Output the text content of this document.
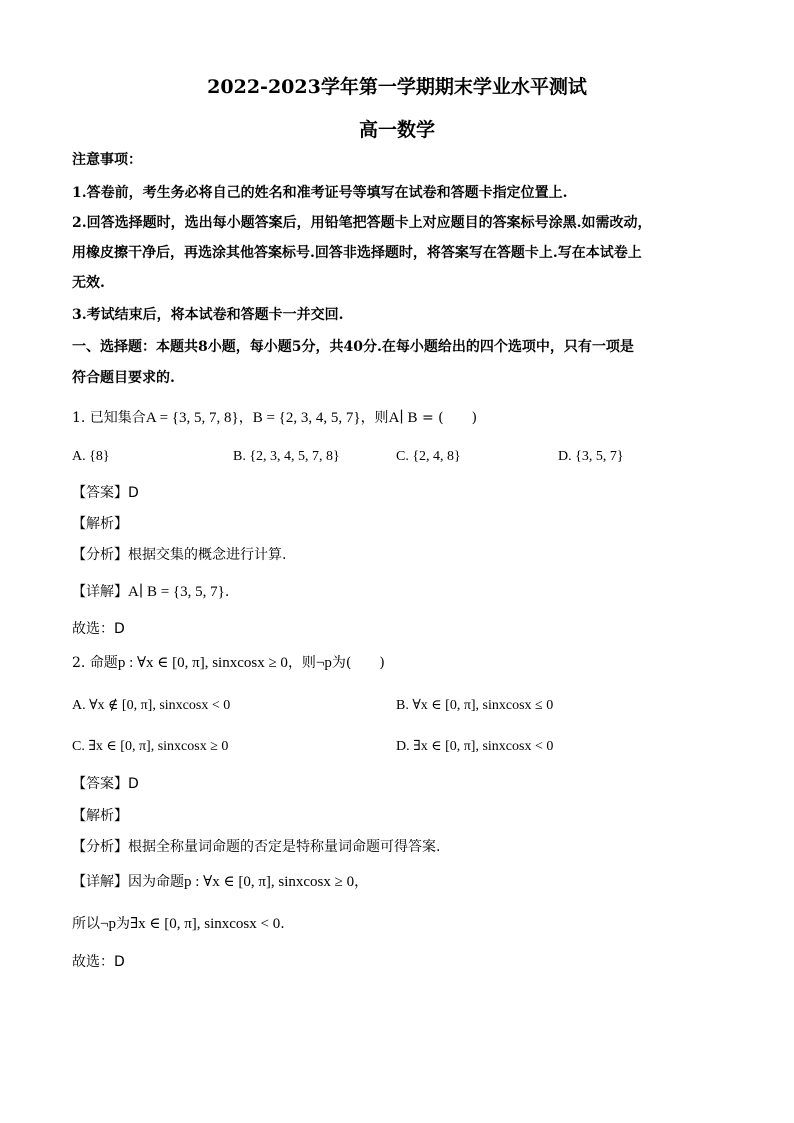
2022-2023学年第一学期期末学业水平测试
高一数学
注意事项：
1.答卷前，考生务必将自己的姓名和准考证号等填写在试卷和答题卡指定位置上.
2.回答选择题时，选出每小题答案后，用铅笔把答题卡上对应题目的答案标号涂黑.如需改动，
用橡皮擦干净后，再选涂其他答案标号.回答非选择题时，将答案写在答题卡上.写在本试卷上
无效.
3.考试结束后，将本试卷和答题卡一并交回.
一、选择题：本题共8小题，每小题5分，共40分.在每小题给出的四个选项中，只有一项是
符合题目要求的.
1. 已知集合A = {3, 5, 7, 8}，B = {2, 3, 4, 5, 7}，则A∣ B = (　　)
A. {8}	B. {2, 3, 4, 5, 7, 8}	C. {2, 4, 8}	D. {3, 5, 7}
【答案】D
【解析】
【分析】根据交集的概念进行计算.
【详解】A∣ B = {3, 5, 7}.
故选：D
2. 命题p : ∀x ∈ [0, π], sinxcosx ≥ 0，则¬p为(　　)
A. ∀x ∉ [0, π], sinxcosx < 0	B. ∀x ∈ [0, π], sinxcosx ≤ 0
C. ∃x ∈ [0, π], sinxcosx ≥ 0	D. ∃x ∈ [0, π], sinxcosx < 0
【答案】D
【解析】
【分析】根据全称量词命题的否定是特称量词命题可得答案.
【详解】因为命题p : ∀x ∈ [0, π], sinxcosx ≥ 0，
所以¬p为∃x ∈ [0, π], sinxcosx < 0.
故选：D
